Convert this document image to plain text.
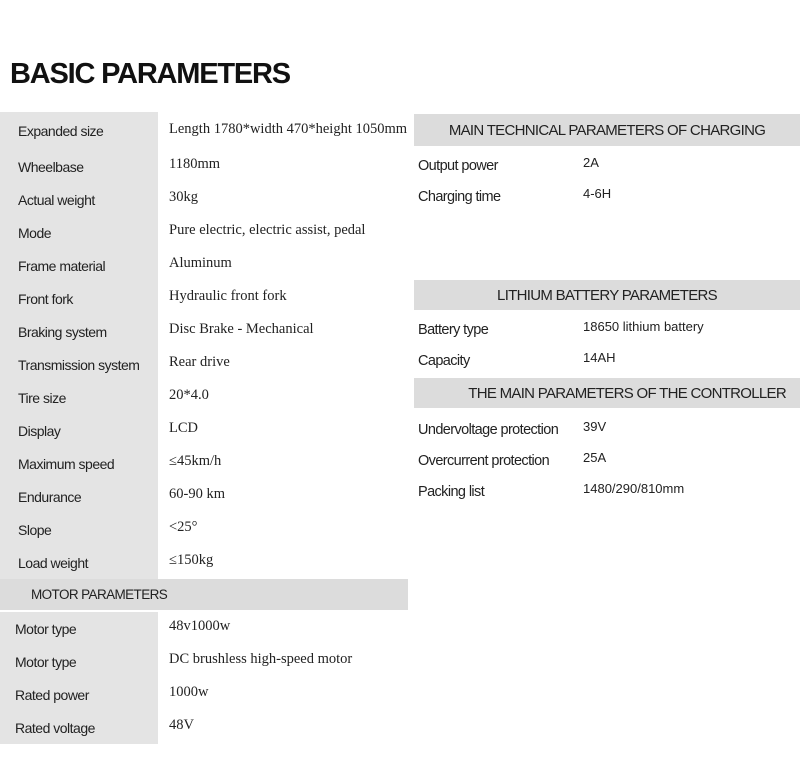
BASIC PARAMETERS
Expanded size	Length 1780*width 470*height 1050mm
Wheelbase	1180mm
Actual weight	30kg
Mode	Pure electric, electric assist, pedal
Frame material	Aluminum
Front fork	Hydraulic front fork
Braking system	Disc Brake - Mechanical
Transmission system	Rear drive
Tire size	20*4.0
Display	LCD
Maximum speed	≤45km/h
Endurance	60-90 km
Slope	<25°
Load weight	≤150kg
MOTOR PARAMETERS
Motor type	48v1000w
Motor type	DC brushless high-speed motor
Rated power	1000w
Rated voltage	48V
MAIN TECHNICAL PARAMETERS OF CHARGING
Output power	2A
Charging time	4-6H
LITHIUM BATTERY PARAMETERS
Battery type	18650 lithium battery
Capacity	14AH
THE MAIN PARAMETERS OF THE CONTROLLER
Undervoltage protection	39V
Overcurrent protection	25A
Packing list	1480/290/810mm
